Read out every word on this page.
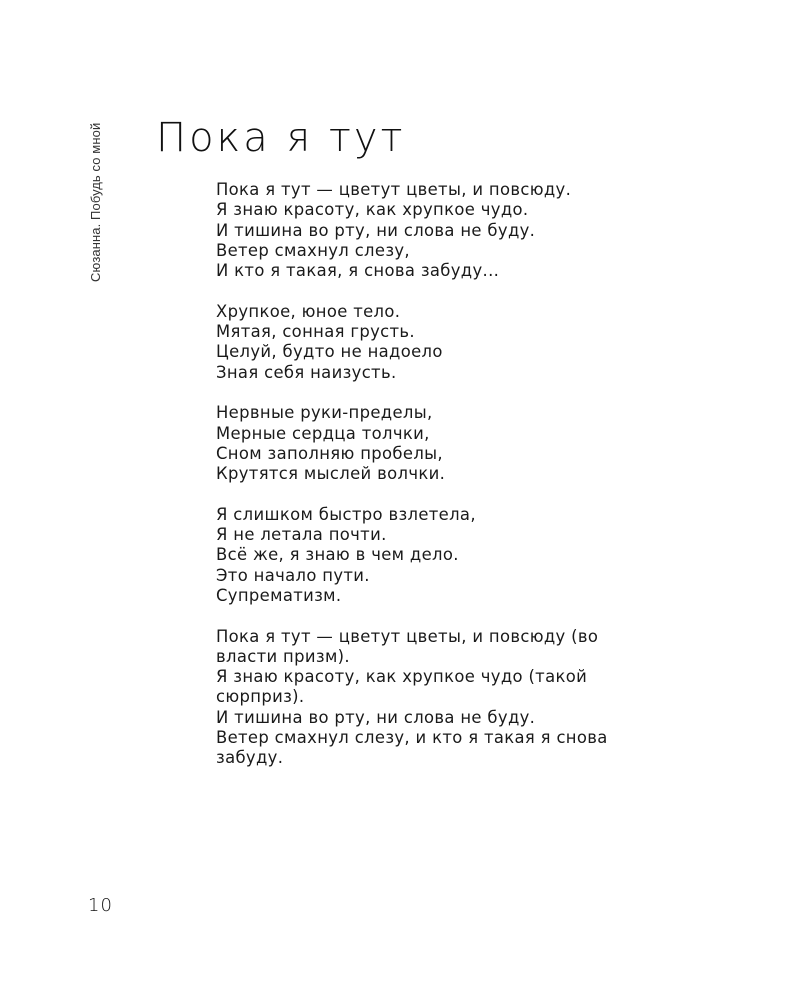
Сюзанна. Побудь со мной Пока я тут

Пока я тут — цветут цветы, и повсюду.
Я знаю красоту, как хрупкое чудо.
И тишина во рту, ни слова не буду.
Ветер смахнул слезу,
И кто я такая, я снова забуду...

Хрупкое, юное тело.
Мятая, сонная грусть.
Целуй, будто не надоело
Зная себя наизусть.

Нервные руки-пределы,
Мерные сердца толчки,
Сном заполняю пробелы,
Крутятся мыслей волчки.

Я слишком быстро взлетела,
Я не летала почти.
Всё же, я знаю в чем дело.
Это начало пути.
Супрематизм.

Пока я тут — цветут цветы, и повсюду (во
власти призм).
Я знаю красоту, как хрупкое чудо (такой
сюрприз).
И тишина во рту, ни слова не буду.
Ветер смахнул слезу, и кто я такая я снова
забуду.

10
